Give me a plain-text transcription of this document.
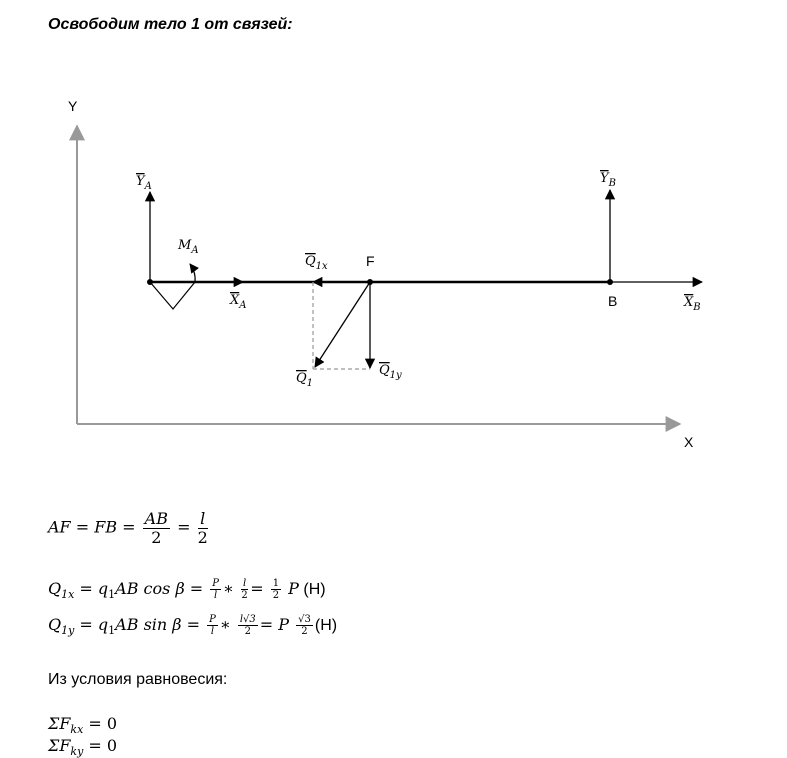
Освободим тело 1 от связей:
Y
X
F
B
$Y_A$
$X_A$
$M_A$
$Q_{1x}$
$Q_1$
$Q_{1y}$
$Y_B$
$X_B$
AF = FB = $\frac{AB}{2} = \frac{l}{2}$
$Q_{1x} = q_1AB$ $\cos \beta = \frac{P}{l}$ ∗ $\frac{l}{2} = \frac{1}{2}$ P (Н)
$Q_{1y} = q_1AB$ $\sin \beta = \frac{P}{l}$ ∗ $\frac{l√3}{2} = P \frac{√3}{2} (Н)$
Из условия равновесия:
$\Sigma F_{kx} = 0$
$\Sigma F_{ky} = 0$
